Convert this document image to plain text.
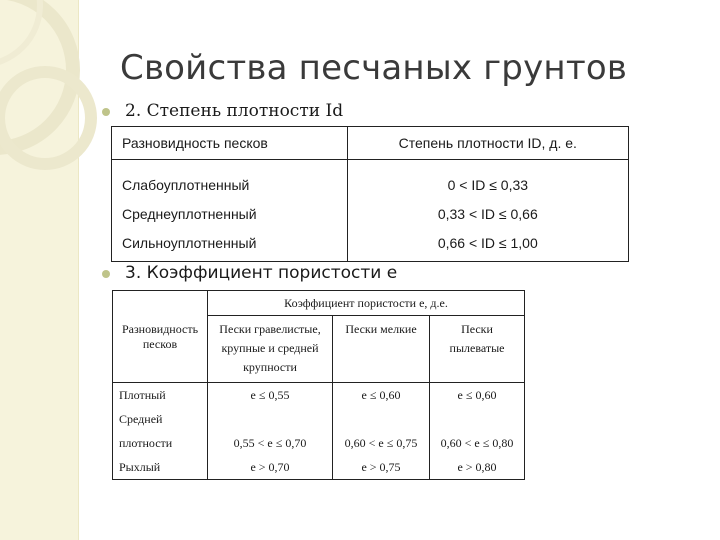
Свойства песчаных грунтов
2. Степень плотности Id
Разновидность песков	Степень плотности ID, д. е.
Слабоуплотненный	0 < ID ≤ 0,33
Среднеуплотненный	0,33 < ID ≤ 0,66
Сильноуплотненный	0,66 < ID ≤ 1,00
3. Коэффициент пористости e
Разновидность песков	Коэффициент пористости e, д.е.		
	Пески гравелистые, крупные и средней крупности	Пески мелкие	Пески пылеватые
Плотный	e ≤ 0,55	e ≤ 0,60	e ≤ 0,60
Средней			
плотности	0,55 < e ≤ 0,70	0,60 < e ≤ 0,75	0,60 < e ≤ 0,80
Рыхлый	e > 0,70	e > 0,75	e > 0,80
